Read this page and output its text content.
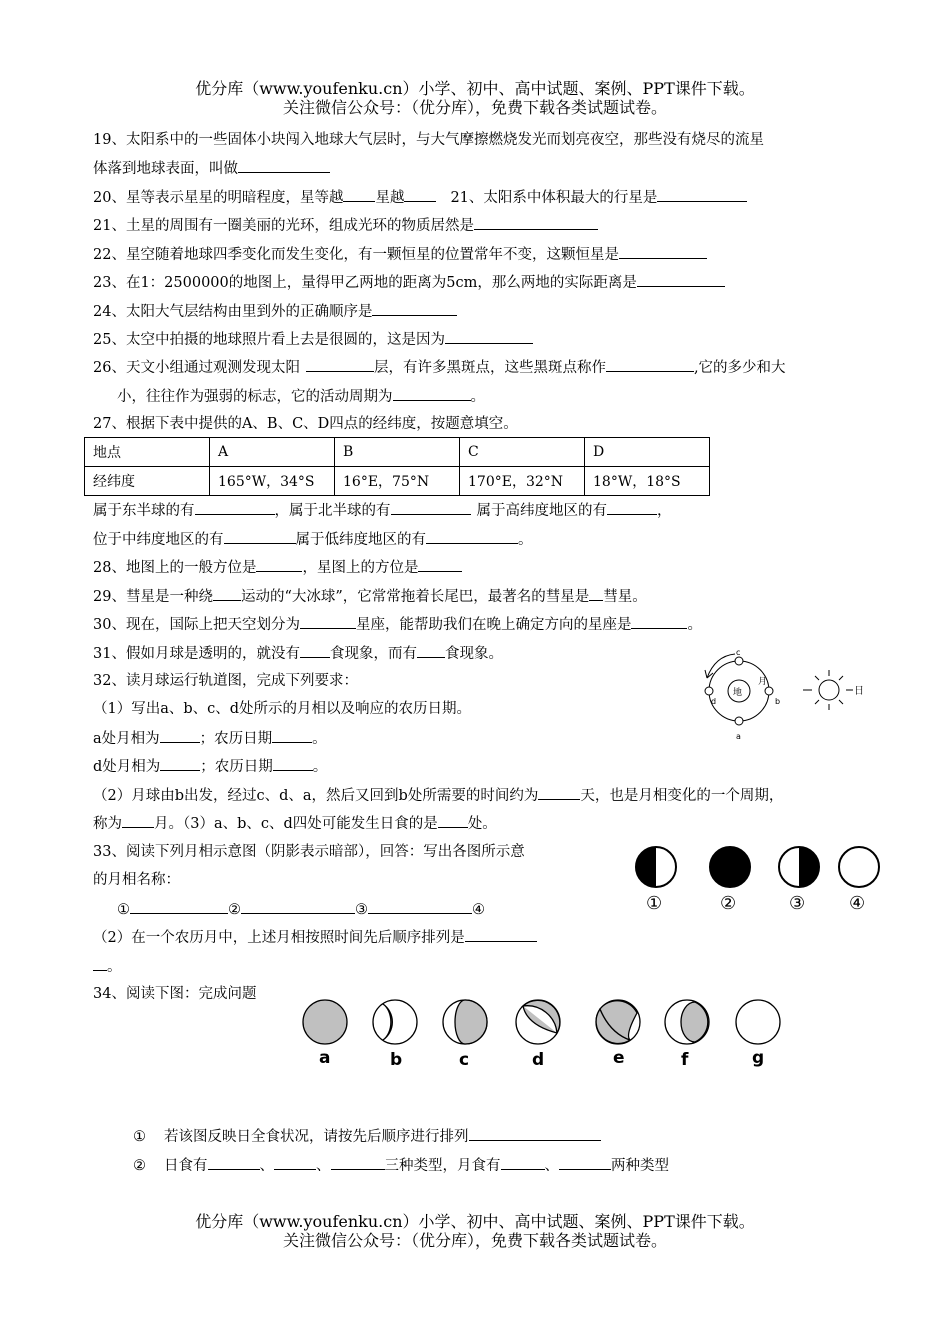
优分库（www.youfenku.cn）小学、初中、高中试题、案例、PPT课件下载。
关注微信公众号：（优分库），免费下载各类试题试卷。
19、太阳系中的一些固体小块闯入地球大气层时，与大气摩擦燃烧发光而划亮夜空，那些没有烧尽的流星
体落到地球表面，叫做
20、星等表示星星的明暗程度，星等越 星越	21、太阳系中体积最大的行星是
21、土星的周围有一圈美丽的光环，组成光环的物质居然是
22、星空随着地球四季变化而发生变化，有一颗恒星的位置常年不变，这颗恒星是
23、在1：2500000的地图上，量得甲乙两地的距离为5cm，那么两地的实际距离是
24、太阳大气层结构由里到外的正确顺序是
25、太空中拍摄的地球照片看上去是很圆的，这是因为
26、天文小组通过观测发现太阳	层，有许多黑斑点，这些黑斑点称作	,它的多少和大
小，往往作为强弱的标志，它的活动周期为	。
27、根据下表中提供的A、B、C、D四点的经纬度，按题意填空。
地点	A	B	C	D
经纬度	165°W，34°S	16°E，75°N	170°E，32°N	18°W，18°S
属于东半球的有	，属于北半球的有	属于高纬度地区的有	，
位于中纬度地区的有	属于低纬度地区的有	。
28、地图上的一般方位是	，星图上的方位是
29、彗星是一种绕 运动的“大冰球”，它常常拖着长尾巴，最著名的彗星是 彗星。
30、现在，国际上把天空划分为	星座，能帮助我们在晚上确定方向的星座是	。
31、假如月球是透明的，就没有 食现象，而有 食现象。
32、读月球运行轨道图，完成下列要求：
（1）写出a、b、c、d处所示的月相以及响应的农历日期。
a处月相为	；农历日期	。
d处月相为	；农历日期	。
（2）月球由b出发，经过c、d、a，然后又回到b处所需要的时间约为	天，也是月相变化的一个周期，
称为 月。（3）a、b、c、d四处可能发生日食的是 处。
地
c
b
a
d
月
日
33、阅读下列月相示意图（阴影表示暗部），回答：写出各图所示意
的月相名称：
①	②	③	④
（2）在一个农历月中，上述月相按照时间先后顺序排列是
。
①	②	③ ④
34、阅读下图：完成问题
a	b	c	d	e	f	g
① 若该图反映日全食状况，请按先后顺序进行排列
② 日食有	、	、	三种类型，月食有	、	两种类型
优分库（www.youfenku.cn）小学、初中、高中试题、案例、PPT课件下载。
关注微信公众号：（优分库），免费下载各类试题试卷。
